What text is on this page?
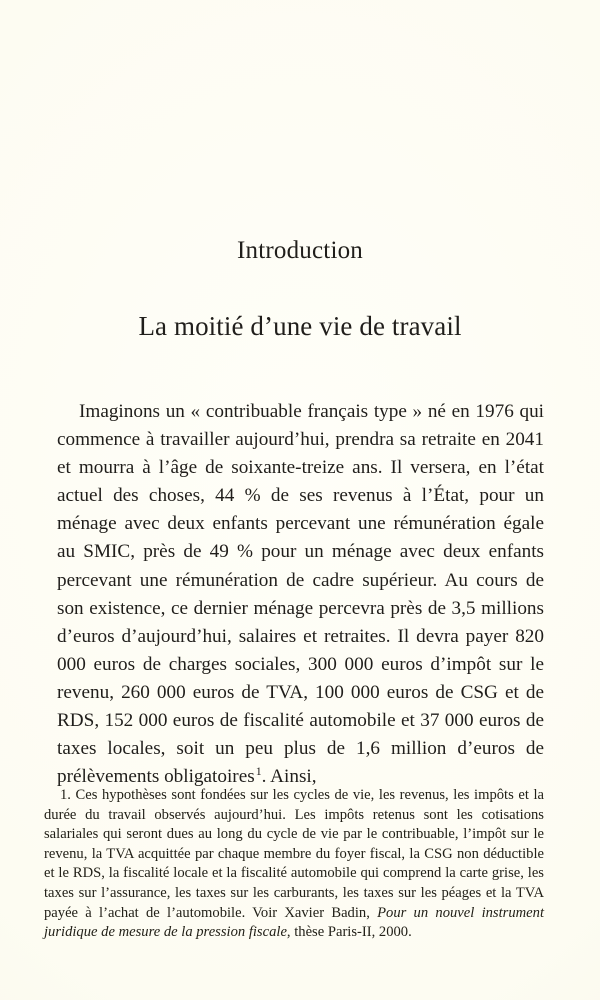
Introduction
La moitié d’une vie de travail

Imaginons un « contribuable français type » né en 1976 qui commence à travailler aujourd’hui, prendra sa retraite en 2041 et mourra à l’âge de soixante-treize ans. Il versera, en l’état actuel des choses, 44 % de ses revenus à l’État, pour un ménage avec deux enfants percevant une rémunération égale au SMIC, près de 49 % pour un ménage avec deux enfants percevant une rémunération de cadre supérieur. Au cours de son existence, ce dernier ménage percevra près de 3,5 millions d’euros d’aujourd’hui, salaires et retraites. Il devra payer 820 000 euros de charges sociales, 300 000 euros d’impôt sur le revenu, 260 000 euros de TVA, 100 000 euros de CSG et de RDS, 152 000 euros de fiscalité automobile et 37 000 euros de taxes locales, soit un peu plus de 1,6 million d’euros de prélèvements obligatoires$^1$. Ainsi,

1. Ces hypothèses sont fondées sur les cycles de vie, les revenus, les impôts et la durée du travail observés aujourd’hui. Les impôts retenus sont les cotisations salariales qui seront dues au long du cycle de vie par le contribuable, l’impôt sur le revenu, la TVA acquittée par chaque membre du foyer fiscal, la CSG non déductible et le RDS, la fiscalité locale et la fiscalité automobile qui comprend la carte grise, les taxes sur l’assurance, les taxes sur les carburants, les taxes sur les péages et la TVA payée à l’achat de l’automobile. Voir Xavier Badin, Pour un nouvel instrument juridique de mesure de la pression fiscale, thèse Paris-II, 2000.
